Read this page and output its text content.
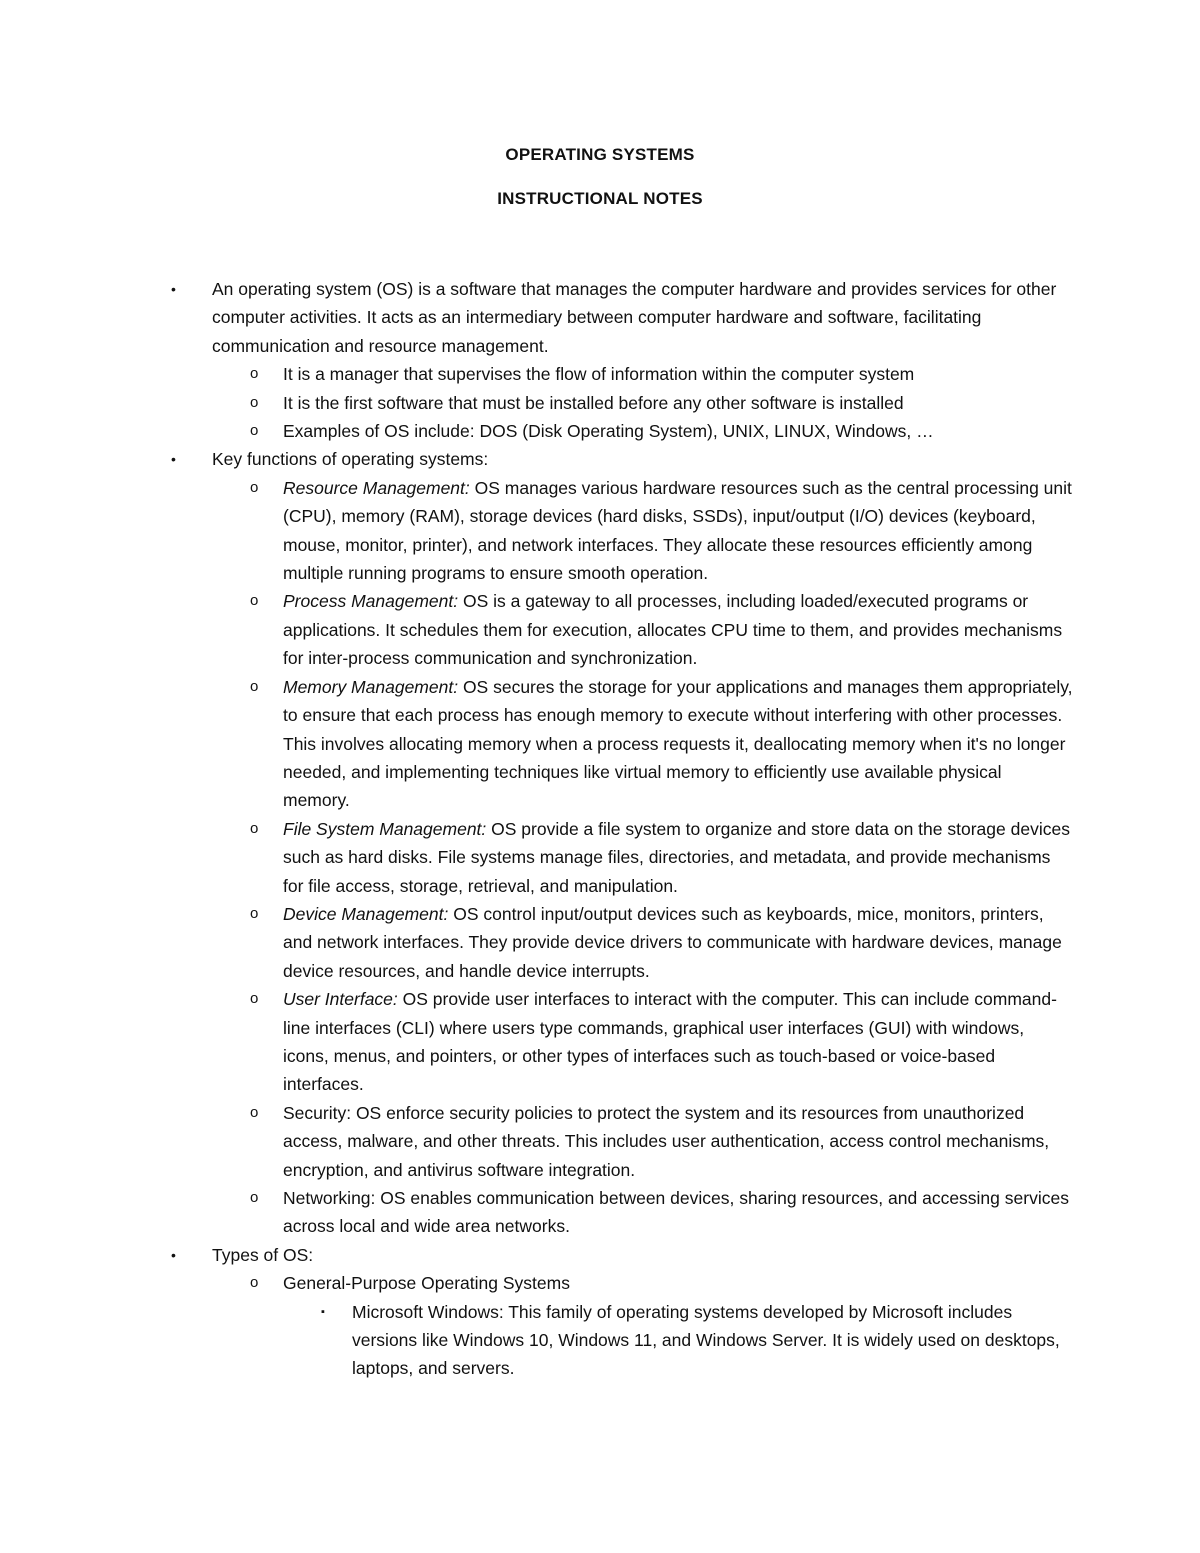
OPERATING SYSTEMS
INSTRUCTIONAL NOTES
• An operating system (OS) is a software that manages the computer hardware and provides services for other computer activities. It acts as an intermediary between computer hardware and software, facilitating communication and resource management.
o It is a manager that supervises the flow of information within the computer system
o It is the first software that must be installed before any other software is installed
o Examples of OS include: DOS (Disk Operating System), UNIX, LINUX, Windows, …
• Key functions of operating systems:
o Resource Management: OS manages various hardware resources such as the central processing unit (CPU), memory (RAM), storage devices (hard disks, SSDs), input/output (I/O) devices (keyboard, mouse, monitor, printer), and network interfaces. They allocate these resources efficiently among multiple running programs to ensure smooth operation.
o Process Management: OS is a gateway to all processes, including loaded/executed programs or applications. It schedules them for execution, allocates CPU time to them, and provides mechanisms for inter-process communication and synchronization.
o Memory Management: OS secures the storage for your applications and manages them appropriately, to ensure that each process has enough memory to execute without interfering with other processes. This involves allocating memory when a process requests it, deallocating memory when it's no longer needed, and implementing techniques like virtual memory to efficiently use available physical memory.
o File System Management: OS provide a file system to organize and store data on the storage devices such as hard disks. File systems manage files, directories, and metadata, and provide mechanisms for file access, storage, retrieval, and manipulation.
o Device Management: OS control input/output devices such as keyboards, mice, monitors, printers, and network interfaces. They provide device drivers to communicate with hardware devices, manage device resources, and handle device interrupts.
o User Interface: OS provide user interfaces to interact with the computer. This can include command-line interfaces (CLI) where users type commands, graphical user interfaces (GUI) with windows, icons, menus, and pointers, or other types of interfaces such as touch-based or voice-based interfaces.
o Security: OS enforce security policies to protect the system and its resources from unauthorized access, malware, and other threats. This includes user authentication, access control mechanisms, encryption, and antivirus software integration.
o Networking: OS enables communication between devices, sharing resources, and accessing services across local and wide area networks.
• Types of OS:
o General-Purpose Operating Systems
▪ Microsoft Windows: This family of operating systems developed by Microsoft includes versions like Windows 10, Windows 11, and Windows Server. It is widely used on desktops, laptops, and servers.
